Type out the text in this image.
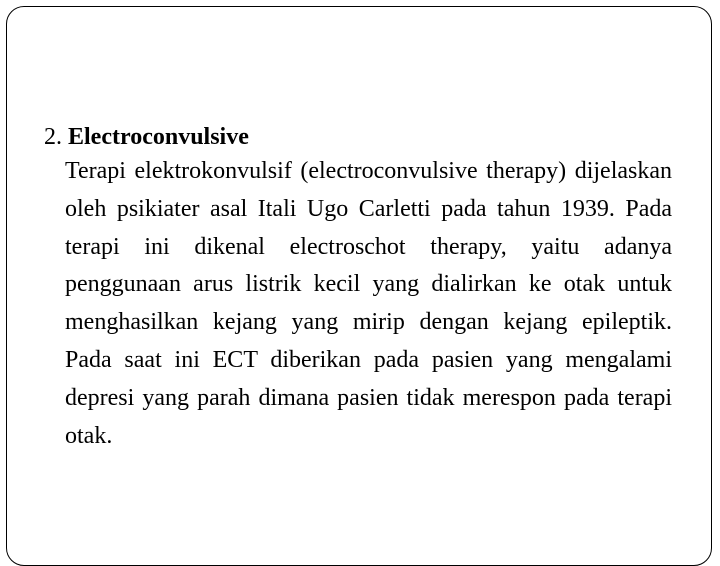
2. Electroconvulsive

Terapi elektrokonvulsif (electroconvulsive therapy) dijelaskan oleh psikiater asal Itali Ugo Carletti pada tahun 1939. Pada terapi ini dikenal electroschot therapy, yaitu adanya penggunaan arus listrik kecil yang dialirkan ke otak untuk menghasilkan kejang yang mirip dengan kejang epileptik. Pada saat ini ECT diberikan pada pasien yang mengalami depresi yang parah dimana pasien tidak merespon pada terapi otak.
